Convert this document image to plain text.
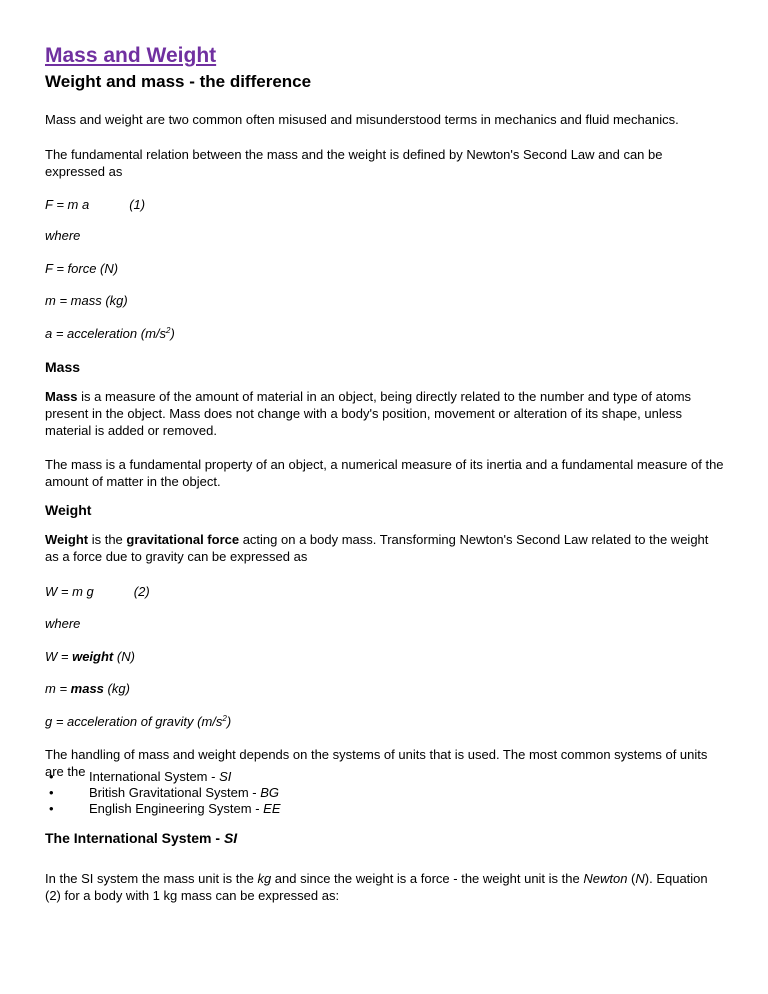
Mass and Weight
Weight and mass - the difference

Mass and weight are two common often misused and misunderstood terms in mechanics and fluid mechanics.

The fundamental relation between the mass and the weight is defined by Newton's Second Law and can be expressed as

F = m a	(1)

where

F = force (N)

m = mass (kg)

a = acceleration $(m/s^2)$

Mass

Mass is a measure of the amount of material in an object, being directly related to the number and type of atoms present in the object. Mass does not change with a body's position, movement or alteration of its shape, unless material is added or removed.

The mass is a fundamental property of an object, a numerical measure of its inertia and a fundamental measure of the amount of matter in the object.

Weight

Weight is the gravitational force acting on a body mass. Transforming Newton's Second Law related to the weight as a force due to gravity can be expressed as

W = m g	(2)

where

W = weight (N)

m = mass (kg)

g = acceleration of gravity $(m/s^2)$

The handling of mass and weight depends on the systems of units that is used. The most common systems of units are the

• International System - SI
• British Gravitational System - BG
• English Engineering System - EE
The International System - SI

In the SI system the mass unit is the kg and since the weight is a force - the weight unit is the Newton (N). Equation (2) for a body with 1 kg mass can be expressed as:
